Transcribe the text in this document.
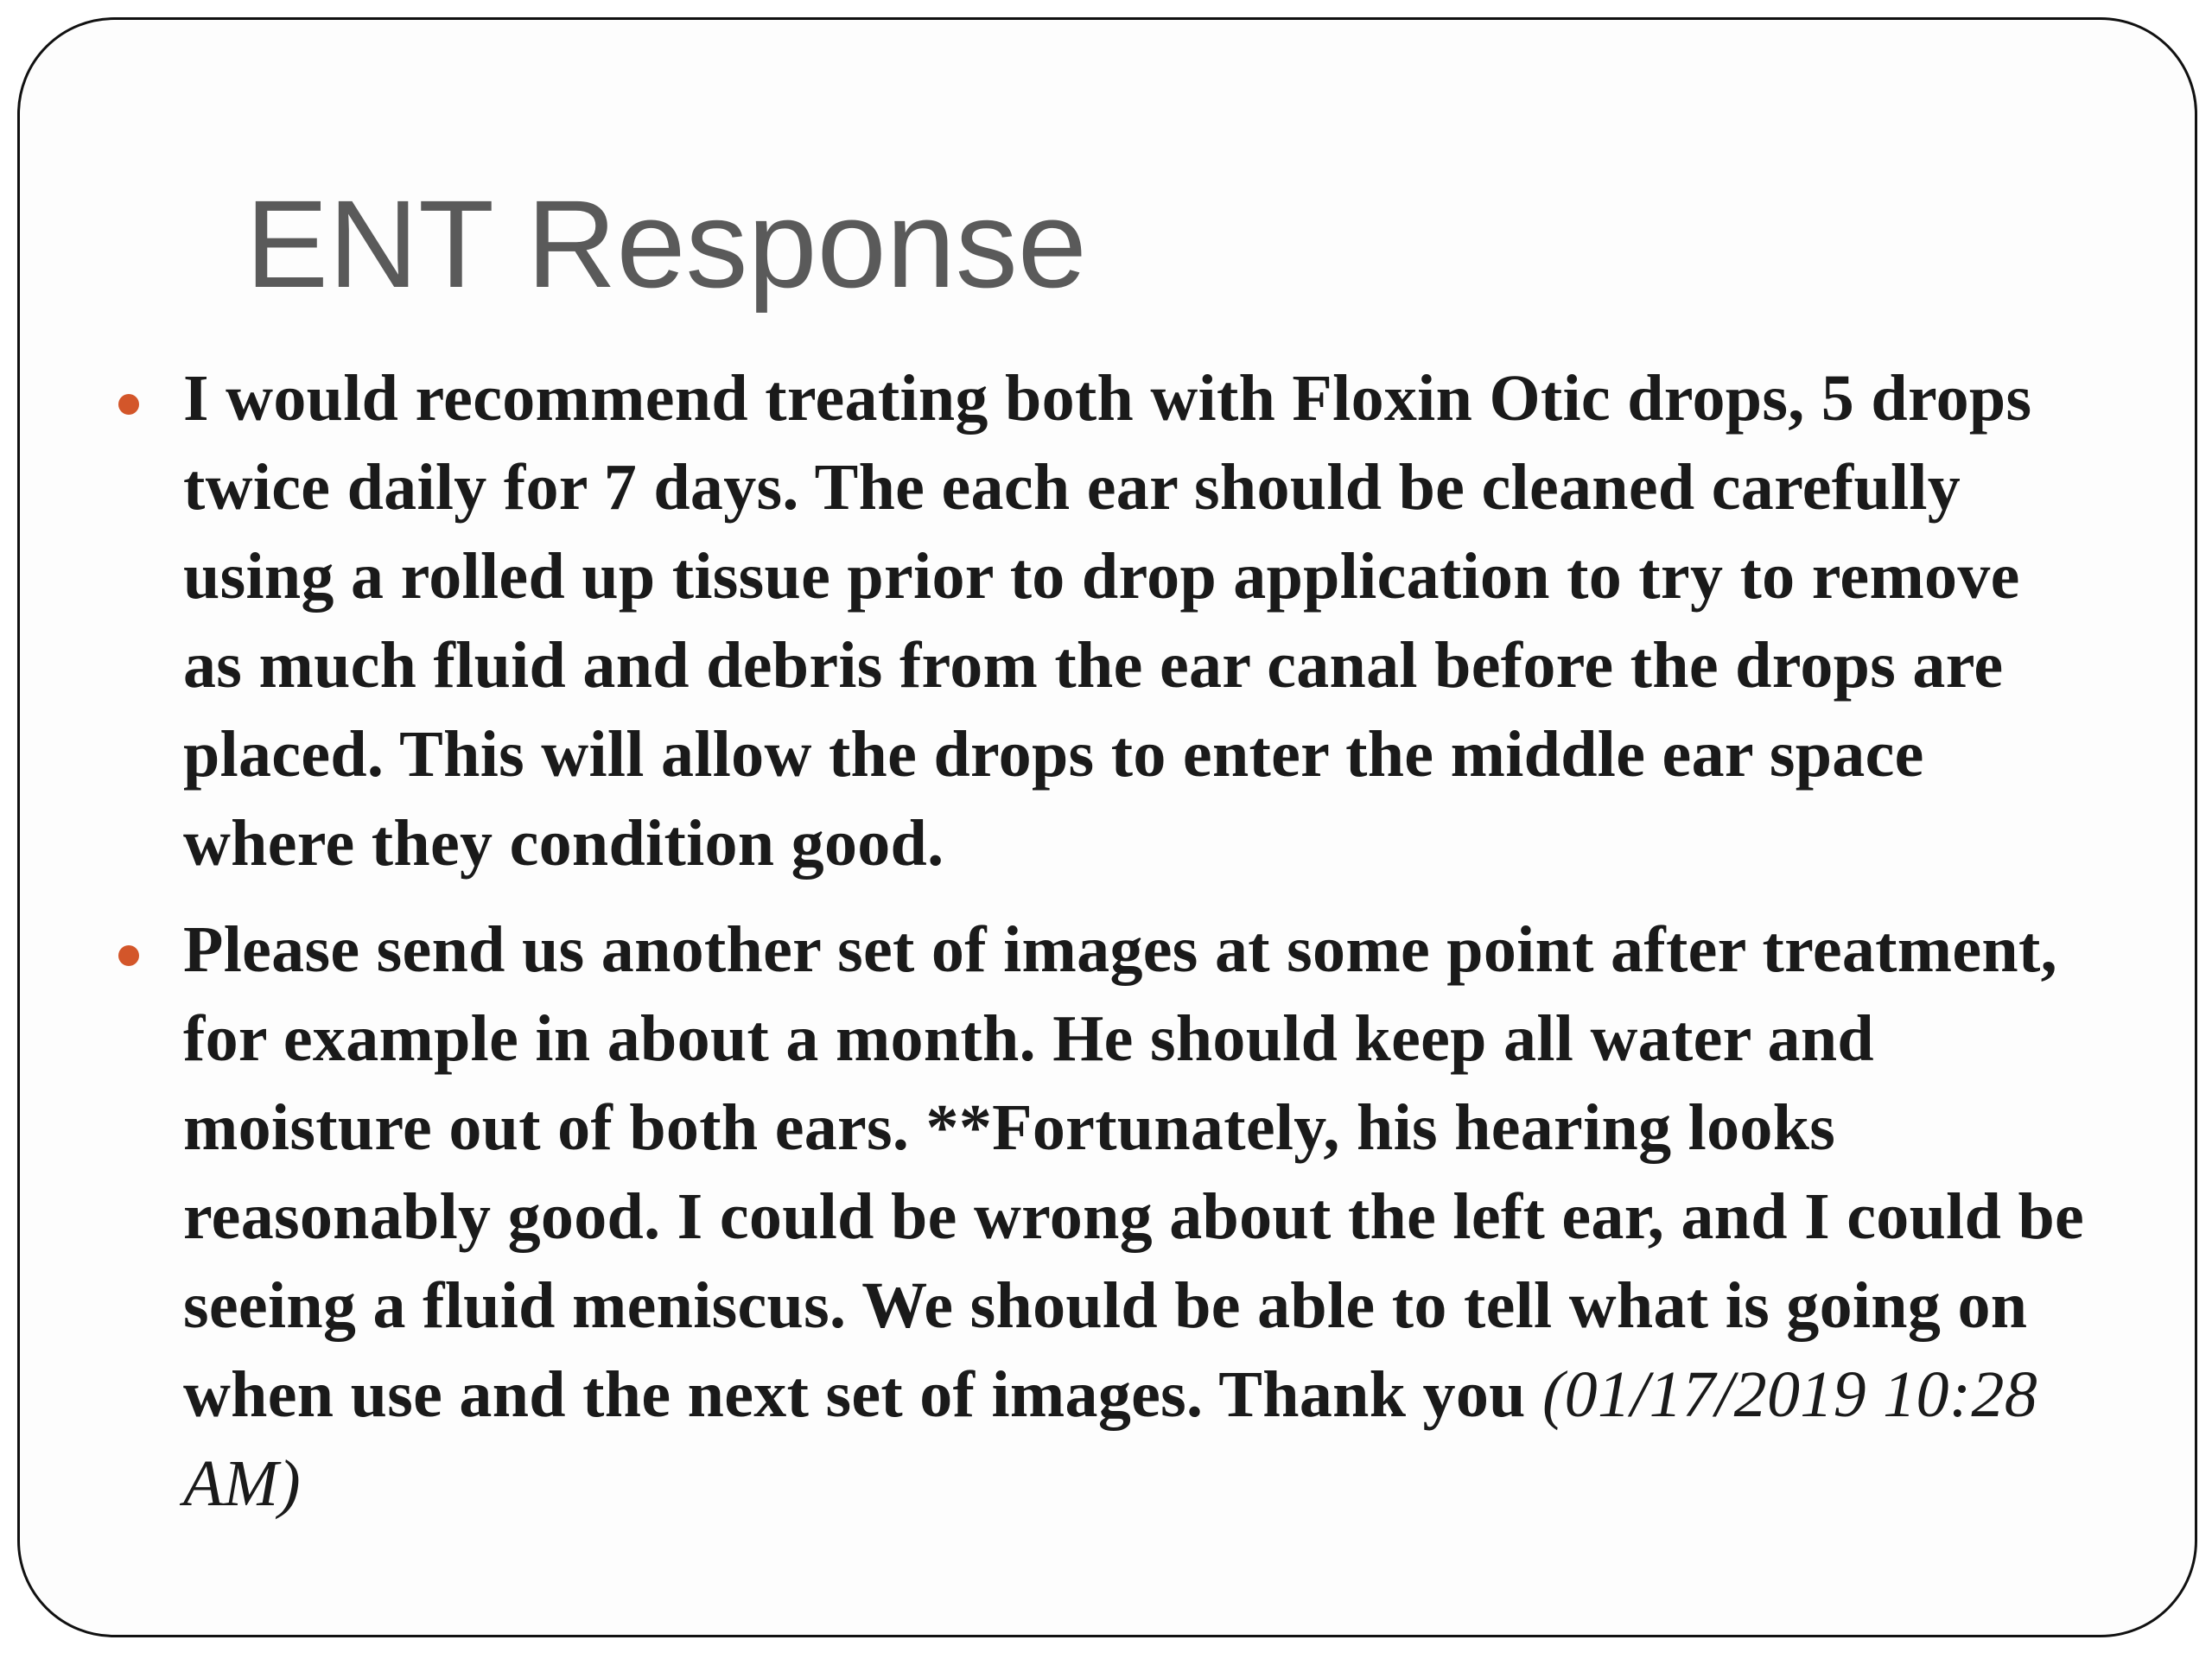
ENT Response
I would recommend treating both with Floxin Otic drops, 5 drops twice daily for 7 days. The each ear should be cleaned carefully using a rolled up tissue prior to drop application to try to remove as much fluid and debris from the ear canal before the drops are placed. This will allow the drops to enter the middle ear space where they condition good.
Please send us another set of images at some point after treatment, for example in about a month. He should keep all water and moisture out of both ears. **Fortunately, his hearing looks reasonably good. I could be wrong about the left ear, and I could be seeing a fluid meniscus. We should be able to tell what is going on when use and the next set of images. Thank you (01/17/2019 10:28 AM)
